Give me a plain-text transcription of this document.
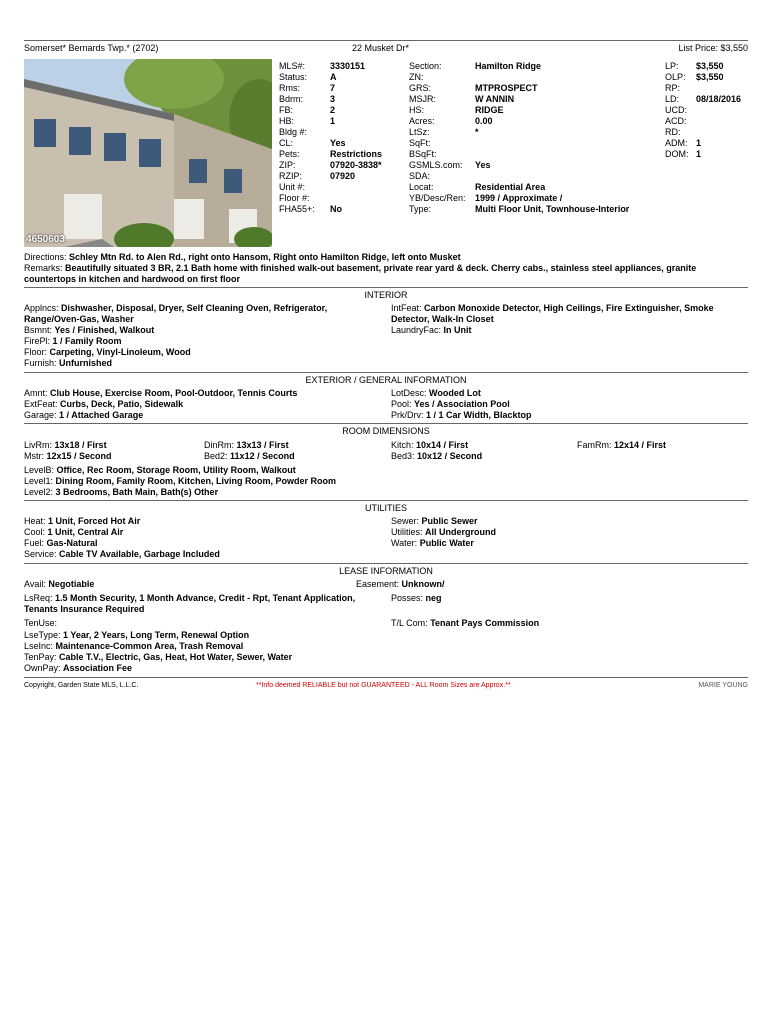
Somerset* Bernards Twp.* (2702)	22 Musket Dr*	List Price: $3,550
4650603
MLS#:	3330151
Status:	A
Rms:	7
Bdrm:	3
FB:	2
HB:	1
Bldg #:
CL:	Yes
Pets:	Restrictions
ZIP:	07920-3838*
RZIP:	07920
Unit #:
Floor #:
FHA55+: No
Section:	Hamilton Ridge
ZN:
GRS:	MTPROSPECT
MSJR:	W ANNIN
HS:	RIDGE
Acres:	0.00
LtSz:	*
SqFt:
BSqFt:
GSMLS.com: Yes
SDA:
Locat:	Residential Area
YB/Desc/Ren: 1999 / Approximate /
Type:	Multi Floor Unit, Townhouse-Interior
LP: $3,550
OLP: $3,550
RP:
LD: 08/18/2016
UCD:
ACD:
RD:
ADM: 1
DOM: 1
Directions: Schley Mtn Rd. to Alen Rd., right onto Hansom, Right onto Hamilton Ridge, left onto Musket
Remarks: Beautifully situated 3 BR, 2.1 Bath home with finished walk-out basement, private rear yard & deck. Cherry cabs., stainless steel appliances, granite countertops in kitchen and hardwood on first floor
INTERIOR
Applncs: Dishwasher, Disposal, Dryer, Self Cleaning Oven, Refrigerator, Range/Oven-Gas, Washer
Bsmnt: Yes / Finished, Walkout
FirePl: 1 / Family Room
Floor: Carpeting, Vinyl-Linoleum, Wood
Furnish: Unfurnished
IntFeat: Carbon Monoxide Detector, High Ceilings, Fire Extinguisher, Smoke Detector, Walk-In Closet
LaundryFac: In Unit
EXTERIOR / GENERAL INFORMATION
Amnt: Club House, Exercise Room, Pool-Outdoor, Tennis Courts
ExtFeat: Curbs, Deck, Patio, Sidewalk
Garage: 1 / Attached Garage
LotDesc: Wooded Lot
Pool: Yes / Association Pool
Prk/Drv: 1 / 1 Car Width, Blacktop
ROOM DIMENSIONS
LivRm: 13x18 / First
Mstr: 12x15 / Second
DinRm: 13x13 / First
Bed2: 11x12 / Second
Kitch: 10x14 / First
Bed3: 10x12 / Second
FamRm: 12x14 / First
LevelB: Office, Rec Room, Storage Room, Utility Room, Walkout
Level1: Dining Room, Family Room, Kitchen, Living Room, Powder Room
Level2: 3 Bedrooms, Bath Main, Bath(s) Other
UTILITIES
Heat: 1 Unit, Forced Hot Air
Cool: 1 Unit, Central Air
Fuel: Gas-Natural
Service: Cable TV Available, Garbage Included
Sewer: Public Sewer
Utilities: All Underground
Water: Public Water
LEASE INFORMATION
Avail: Negotiable	Easement: Unknown/
LsReq: 1.5 Month Security, 1 Month Advance, Credit - Rpt, Tenant Application, Tenants Insurance Required
Posses: neg
TenUse:	T/L Com: Tenant Pays Commission
LseType: 1 Year, 2 Years, Long Term, Renewal Option
LseInc: Maintenance-Common Area, Trash Removal
TenPay: Cable T.V., Electric, Gas, Heat, Hot Water, Sewer, Water
OwnPay: Association Fee
Copyright, Garden State MLS, L.L.C.	**Info deemed RELIABLE but not GUARANTEED - ALL Room Sizes are Approx.**	MARIE YOUNG
